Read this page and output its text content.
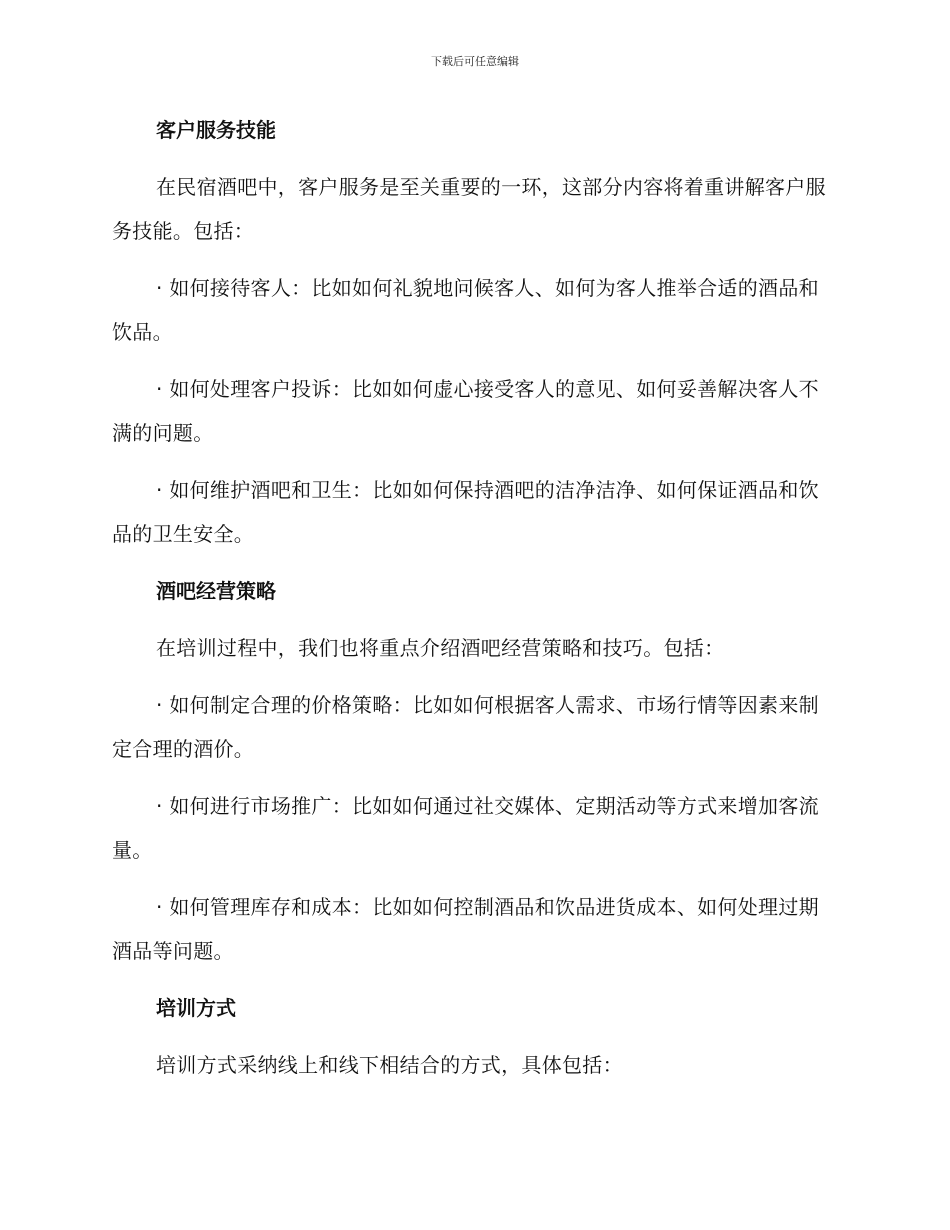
下载后可任意编辑
客户服务技能

在民宿酒吧中，客户服务是至关重要的一环，这部分内容将着重讲解客户服务技能。包括：

· 如何接待客人：比如如何礼貌地问候客人、如何为客人推举合适的酒品和饮品。

· 如何处理客户投诉：比如如何虚心接受客人的意见、如何妥善解决客人不满的问题。

· 如何维护酒吧和卫生：比如如何保持酒吧的洁净洁净、如何保证酒品和饮品的卫生安全。

酒吧经营策略

在培训过程中，我们也将重点介绍酒吧经营策略和技巧。包括：

· 如何制定合理的价格策略：比如如何根据客人需求、市场行情等因素来制定合理的酒价。

· 如何进行市场推广：比如如何通过社交媒体、定期活动等方式来增加客流量。

· 如何管理库存和成本：比如如何控制酒品和饮品进货成本、如何处理过期酒品等问题。

培训方式

培训方式采纳线上和线下相结合的方式，具体包括：
